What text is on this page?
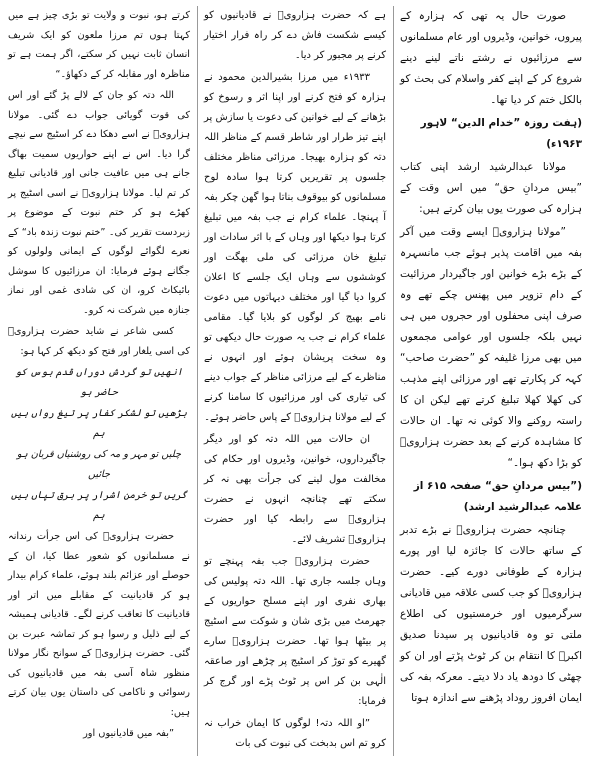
صورت حال یہ تھی کہ ہزارہ کے پیروں، خوانین، وڈیروں اور عام مسلمانوں سے مرزائیوں نے رشتے ناتے لینے دینے شروع کر کے اپنے کفر واسلام کی بحث کو بالکل ختم کر دیا تھا۔

(ہفت روزہ ”خدام الدین“ لاہور ۱۹۶۳ء)

مولانا عبدالرشید ارشد اپنی کتاب ”بیس مردانِ حق“ میں اس وقت کے ہزارہ کی صورت یوں بیان کرتے ہیں:

”مولانا ہزارویؒ ایسے وقت میں آکر بفہ میں اقامت پذیر ہوئے جب مانسہرہ کے بڑے بڑے خوانین اور جاگیردار مرزائیت کے دام تزویر میں پھنس چکے تھے وہ صرف اپنی محفلوں اور حجروں میں ہی نہیں بلکہ جلسوں اور عوامی مجمعوں میں بھی مرزا غلیفہ کو ”حضرت صاحب“ کہہ کر پکارتے تھے اور مرزائی اپنے مذہب کی کھلا کھلا تبلیغ کرتے تھے لیکن ان کا راستہ روکنے والا کوئی نہ تھا۔ ان حالات کا مشاہدہ کرنے کے بعد حضرت ہزارویؒ کو بڑا دکھ ہوا۔“

(”بیس مردانِ حق“ صفحہ ۶۱۵ از علامہ عبدالرشید ارشد)

چنانچہ حضرت ہزارویؒ نے بڑے تدبر کے ساتھ حالات کا جائزہ لیا اور پورے ہزارہ کے طوفانی دورے کیے۔ حضرت ہزارویؒ کو جب کسی علاقہ میں قادیانی سرگرمیوں اور خرمستیوں کی اطلاع ملتی تو وہ قادیانیوں پر سیدنا صدیق اکبرؓ کا انتقام بن کر ٹوٹ پڑتے اور ان کو چھٹی کا دودھ یاد دلا دیتے۔ معرکہ بفہ کی ایمان افروز روداد پڑھنے سے اندازہ ہوتا

ہے کہ حضرت ہزارویؒ نے قادیانیوں کو کیسے شکست فاش دے کر راہ فرار اختیار کرنے پر مجبور کر دیا۔

۱۹۳۳ء میں مرزا بشیرالدین محمود نے ہزارہ کو فتح کرنے اور اپنا اثر و رسوخ کو بڑھانے کے لیے خوانین کی دعوت یا سازش پر اپنے تیز طرار اور شاطر قسم کے مناظر اللہ دتہ کو ہزارہ بھیجا۔ مرزائی مناظر مختلف جلسوں پر تقریریں کرتا ہوا سادہ لوح مسلمانوں کو بیوقوف بناتا ہوا گھن چکر بفہ آ پہنچا۔ علماء کرام نے جب بفہ میں تبلیغ کرتا ہوا دیکھا اور وہاں کے با اثر سادات اور تبلیغ خان مرزائی کی ملی بھگت اور کوششوں سے وہاں ایک جلسے کا اعلان کروا دیا گیا اور مختلف دیہاتوں میں دعوت نامے بھیج کر لوگوں کو بلایا گیا۔ مقامی علماء کرام نے جب یہ صورت حال دیکھی تو وہ سخت پریشان ہوئے اور انہوں نے مناظرے کے لیے مرزائی مناظر کے جواب دینے کی تیاری کی اور مرزائیوں کا سامنا کرنے کے لیے مولانا ہزارویؒ کے پاس حاضر ہوئے۔

ان حالات میں اللہ دتہ کو اور دیگر جاگیرداروں، خوانین، وڈیروں اور حکام کی مخالفت مول لینے کی جرأت بھی نہ کر سکتے تھے چنانچہ انہوں نے حضرت ہزارویؒ سے رابطہ کیا اور حضرت ہزارویؒ تشریف لائے۔

حضرت ہزارویؒ جب بفہ پہنچے تو وہاں جلسہ جاری تھا۔ اللہ دتہ پولیس کی بھاری نفری اور اپنے مسلح حواریوں کے جھرمٹ میں بڑی شان و شوکت سے اسٹیج پر بیٹھا ہوا تھا۔ حضرت ہزارویؒ سارے گھیرے کو توڑ کر اسٹیج پر چڑھے اور صاعقہ الٰہی بن کر اس پر ٹوٹ پڑے اور گرج کر فرمایا:

”او اللہ دتہ! لوگوں کا ایمان خراب نہ کرو تم اس بدبخت کی نبوت کی بات

کرتے ہو، نبوت و ولایت تو بڑی چیز ہے میں کہتا ہوں تم مرزا ملعون کو ایک شریف انسان ثابت نہیں کر سکتے، اگر ہمت ہے تو مناظرہ اور مقابلہ کر کے دکھاؤ۔“

اللہ دتہ کو جان کے لالے پڑ گئے اور اس کی قوت گویائی جواب دے گئی۔ مولانا ہزارویؒ نے اسے دھکا دے کر اسٹیج سے نیچے گرا دیا۔ اس نے اپنے حواریوں سمیت بھاگ جانے ہی میں عافیت جانی اور قادیانی تبلیغ کر تم لیا۔ مولانا ہزارویؒ نے اسی اسٹیج پر کھڑے ہو کر ختم نبوت کے موضوع پر زبردست تقریر کی۔ ”ختم نبوت زندہ باد“ کے نعرے لگوائے لوگوں کے ایمانی ولولوں کو جگانے ہوئے فرمایا: ان مرزائیوں کا سوشل بائیکاٹ کرو، ان کی شادی غمی اور نماز جنازہ میں شرکت نہ کرو۔

کسی شاعر نے شاید حضرت ہزارویؒ کی اسی یلغار اور فتح کو دیکھ کر کہا ہو:

انھیں تو گردش دوراں قدم بوس کو حاضر ہو

بڑھیں تو لشکر کفار پر تیغ رواں ہیں ہم

چلیں تو مہر و مہ کی روشنیاں قربان ہو جائیں

گریں تو خرمن اشرار پر برق تپاں ہیں ہم

حضرت ہزارویؒ کی اس جرأت رندانہ نے مسلمانوں کو شعور عطا کیا، ان کے حوصلے اور عزائم بلند ہوئے، علماء کرام بیدار ہو کر قادیانیت کے مقابلے میں اتر اور قادیانیت کا تعاقب کرنے لگے۔ قادیانی ہمیشہ کے لیے ذلیل و رسوا ہو کر تماشہ عبرت بن گئی۔ حضرت ہزارویؒ کے سوانح نگار مولانا منظور شاہ آسی بفہ میں قادیانیوں کی رسوائی و ناکامی کی داستان یوں بیان کرتے ہیں:

”بفہ میں قادیانیوں اور
